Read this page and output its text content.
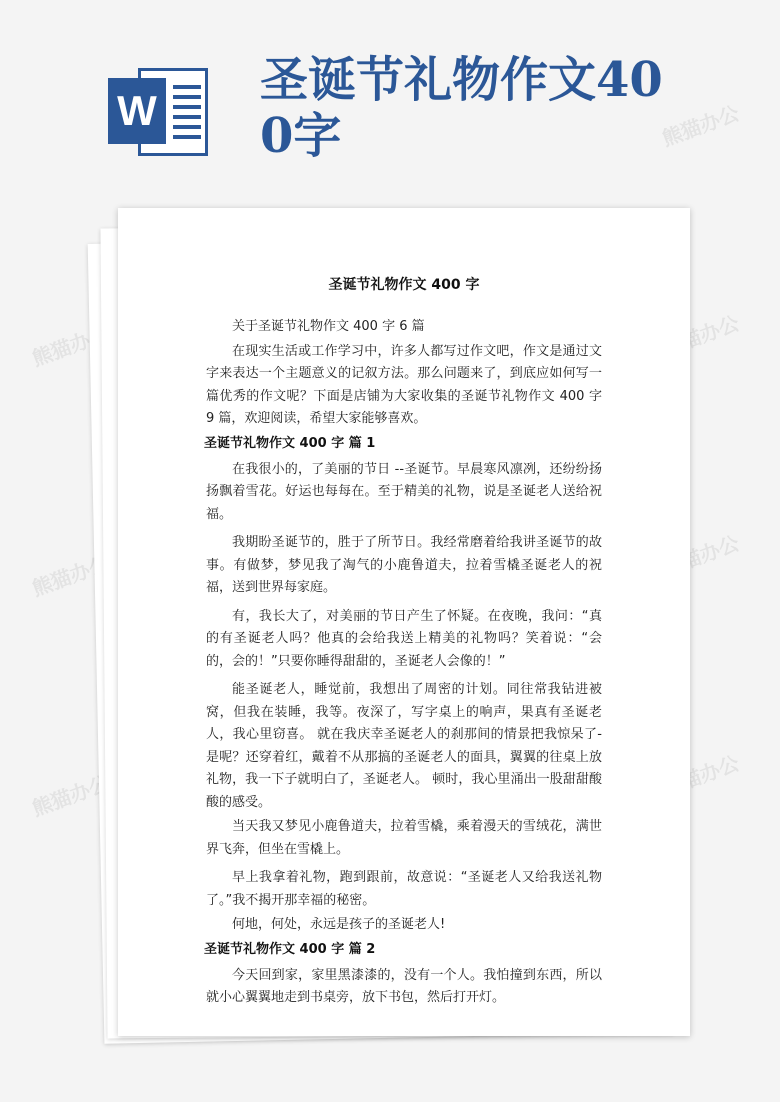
熊猫办公	熊猫办公
熊猫办公	熊猫办公
熊猫办公	熊猫办公
熊猫办公
W
圣诞节礼物作文400字
圣诞节礼物作文 400 字

关于圣诞节礼物作文 400 字 6 篇

在现实生活或工作学习中，许多人都写过作文吧，作文是通过文字来表达一个主题意义的记叙方法。那么问题来了，到底应如何写一篇优秀的作文呢？下面是店铺为大家收集的圣诞节礼物作文 400 字 9 篇，欢迎阅读，希望大家能够喜欢。

圣诞节礼物作文 400 字 篇 1

在我很小的，了美丽的节日 --圣诞节。早晨寒风凛冽，还纷纷扬扬飘着雪花。好运也每每在。至于精美的礼物，说是圣诞老人送给祝福。

我期盼圣诞节的，胜于了所节日。我经常磨着给我讲圣诞节的故事。有做梦，梦见我了淘气的小鹿鲁道夫，拉着雪橇圣诞老人的祝福，送到世界每家庭。

有，我长大了，对美丽的节日产生了怀疑。在夜晚，我问：“真的有圣诞老人吗？他真的会给我送上精美的礼物吗？笑着说：“会的，会的！”只要你睡得甜甜的，圣诞老人会像的！”

能圣诞老人，睡觉前，我想出了周密的计划。同往常我钻进被窝，但我在装睡，我等。夜深了，写字桌上的响声，果真有圣诞老人，我心里窃喜。 就在我庆幸圣诞老人的刹那间的情景把我惊呆了-是呢？还穿着红，戴着不从那搞的圣诞老人的面具，翼翼的往桌上放礼物，我一下子就明白了，圣诞老人。 顿时，我心里涌出一股甜甜酸酸的感受。

当天我又梦见小鹿鲁道夫，拉着雪橇，乘着漫天的雪绒花，满世界飞奔，但坐在雪橇上。

早上我拿着礼物，跑到跟前，故意说：“圣诞老人又给我送礼物了。”我不揭开那幸福的秘密。

何地，何处，永远是孩子的圣诞老人!

圣诞节礼物作文 400 字 篇 2

今天回到家，家里黑漆漆的，没有一个人。我怕撞到东西，所以就小心翼翼地走到书桌旁，放下书包，然后打开灯。
